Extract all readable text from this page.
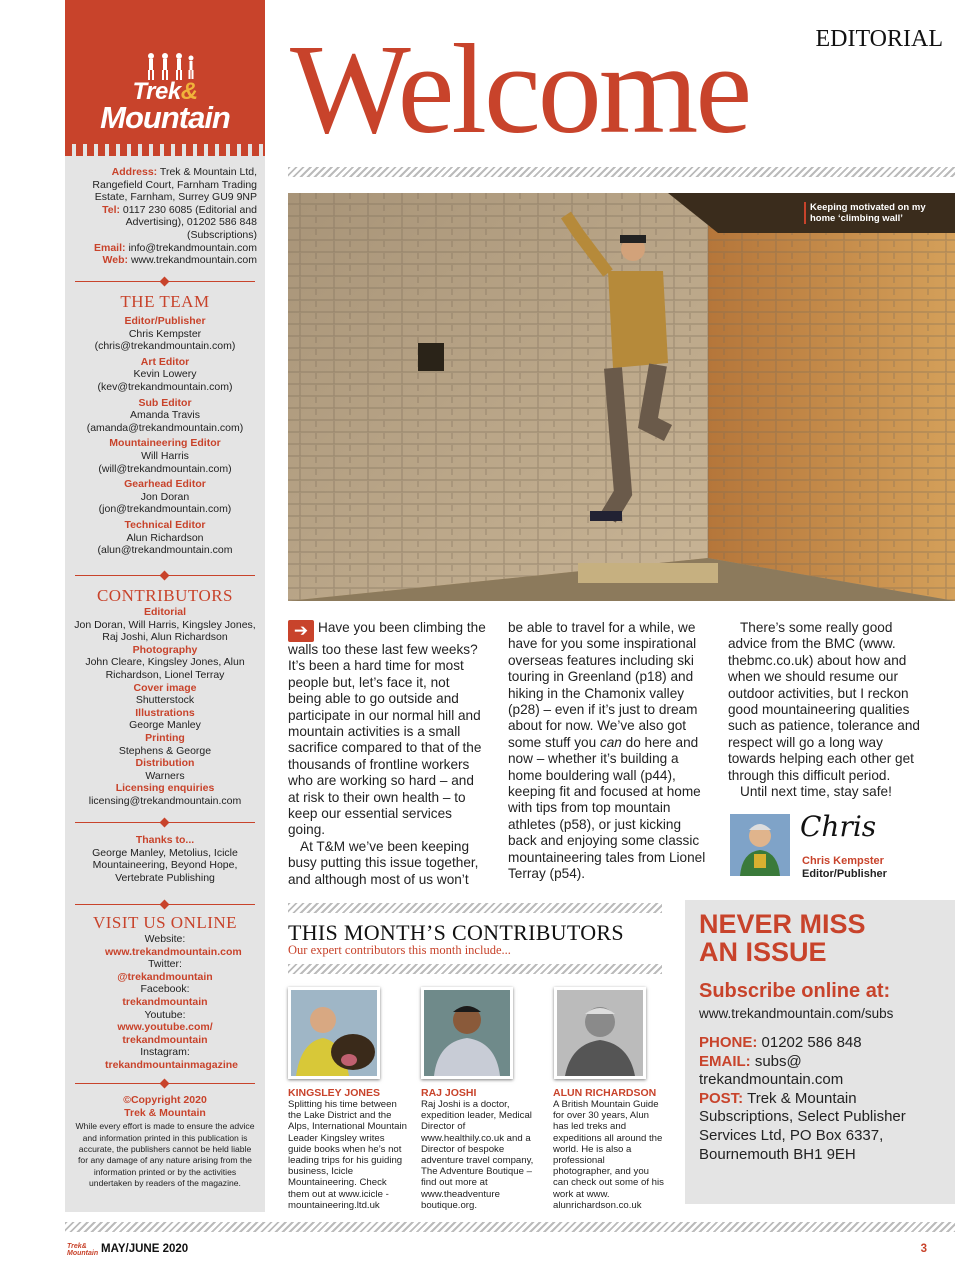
Trek&
Mountain
Address: Trek & Mountain Ltd, Rangefield Court, Farnham Trading Estate, Farnham, Surrey GU9 9NP
Tel: 0117 230 6085 (Editorial and Advertising), 01202 586 848 (Subscriptions)
Email: info@trekandmountain.com
Web: www.trekandmountain.com
THE TEAM
Editor/Publisher
Chris Kempster
(chris@trekandmountain.com)
Art Editor
Kevin Lowery
(kev@trekandmountain.com)
Sub Editor
Amanda Travis
(amanda@trekandmountain.com)
Mountaineering Editor
Will Harris
(will@trekandmountain.com)
Gearhead Editor
Jon Doran
(jon@trekandmountain.com)
Technical Editor
Alun Richardson
(alun@trekandmountain.com
CONTRIBUTORS
Editorial
Jon Doran, Will Harris, Kingsley Jones, Raj Joshi, Alun Richardson
Photography
John Cleare, Kingsley Jones, Alun Richardson, Lionel Terray
Cover image
Shutterstock
Illustrations
George Manley
Printing
Stephens & George
Distribution
Warners
Licensing enquiries
licensing@trekandmountain.com
Thanks to...
George Manley, Metolius, Icicle Mountaineering, Beyond Hope, Vertebrate Publishing
VISIT US ONLINE
Website:
www.trekandmountain.com
Twitter:
@trekandmountain
Facebook:
trekandmountain
Youtube:
www.youtube.com/ trekandmountain
Instagram:
trekandmountainmagazine
©Copyright 2020 Trek & Mountain
While every effort is made to ensure the advice and information printed in this publication is accurate, the publishers cannot be held liable for any damage of any nature arising from the information printed or by the activities undertaken by readers of the magazine.
EDITORIAL
Welcome
Keeping motivated on my home ‘climbing wall’

➔ Have you been climbing the walls too these last few weeks? It’s been a hard time for most people but, let’s face it, not being able to go outside and participate in our normal hill and mountain activities is a small sacrifice compared to that of the thousands of frontline workers who are working so hard – and at risk to their own health – to keep our essential services going.

At T&M we’ve been keeping busy putting this issue together, and although most of us won’t

be able to travel for a while, we have for you some inspirational overseas features including ski touring in Greenland (p18) and hiking in the Chamonix valley (p28) – even if it’s just to dream about for now. We’ve also got some stuff you can do here and now – whether it’s building a home bouldering wall (p44), keeping fit and focused at home with tips from top mountain athletes (p58), or just kicking back and enjoying some classic mountaineering tales from Lionel Terray (p54).

There’s some really good advice from the BMC (www. thebmc.co.uk) about how and when we should resume our outdoor activities, but I reckon good mountaineering qualities such as patience, tolerance and respect will go a long way towards helping each other get through this difficult period.

Until next time, stay safe!

Chris
Chris Kempster
Editor/Publisher
THIS MONTH’S CONTRIBUTORS
Our expert contributors this month include...
KINGSLEY JONES	RAJ JOSHI	ALUN RICHARDSON
Splitting his time between the Lake District and the Alps, International Mountain Leader Kingsley writes guide books when he’s not leading trips for his guiding business, Icicle Mountaineering. Check them out at www.icicle -mountaineering.ltd.uk
Raj Joshi is a doctor, expedition leader, Medical Director of www.healthily.co.uk and a Director of bespoke adventure travel company, The Adventure Boutique – find out more at www.theadventure boutique.org.
A British Mountain Guide for over 30 years, Alun has led treks and expeditions all around the world. He is also a professional photographer, and you can check out some of his work at www. alunrichardson.co.uk
NEVER MISS
AN ISSUE
Subscribe online at:
www.trekandmountain.com/subs
PHONE: 01202 586 848
EMAIL: subs@ trekandmountain.com
POST: Trek & Mountain Subscriptions, Select Publisher Services Ltd, PO Box 6337, Bournemouth BH1 9EH
Trek&
Mountain MAY/JUNE 2020	3
